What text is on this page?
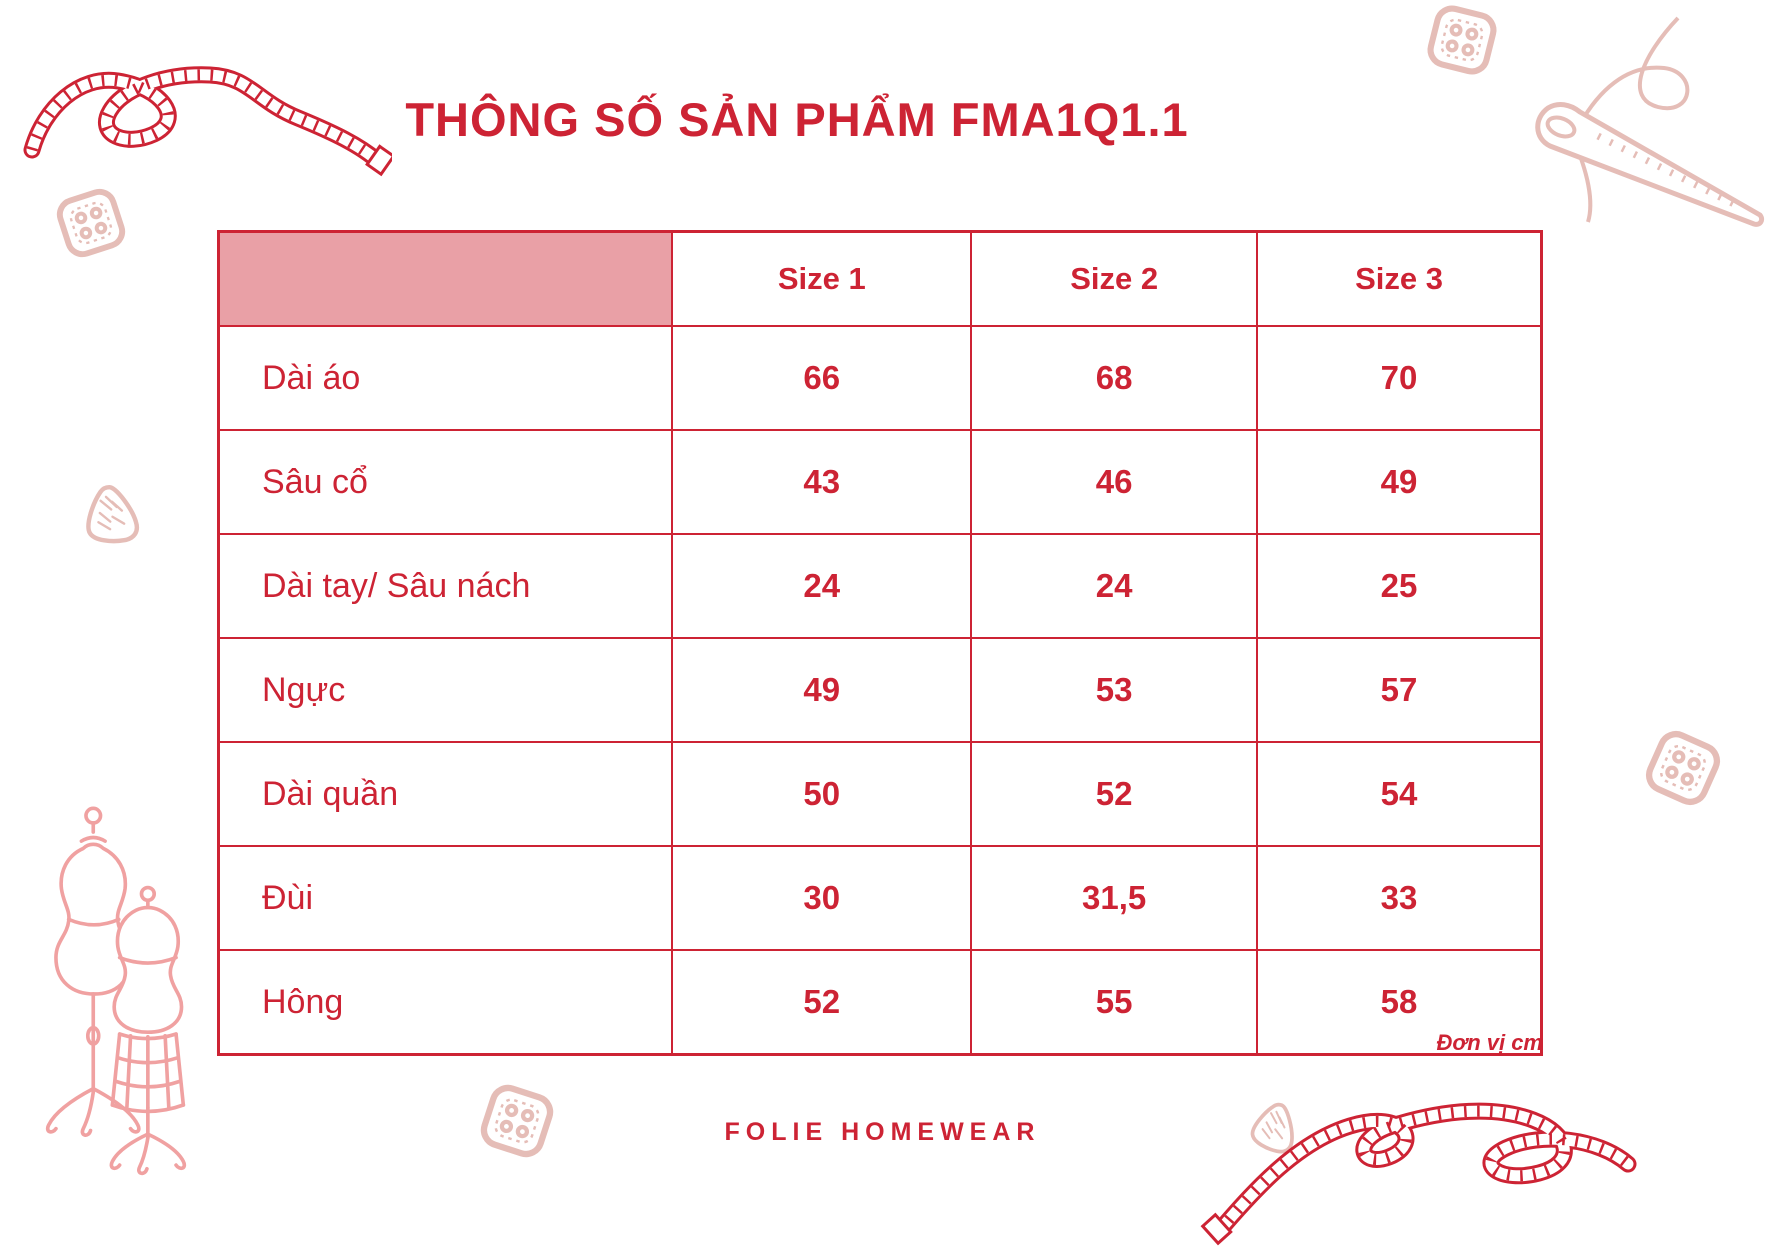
THÔNG SỐ SẢN PHẨM FMA1Q1.1
	Size 1	Size 2	Size 3
Dài áo	66	68	70
Sâu cổ	43	46	49
Dài tay/ Sâu nách	24	24	25
Ngực	49	53	57
Dài quần	50	52	54
Đùi	30	31,5	33
Hông	52	55	58
Đơn vị cm
FOLIE HOMEWEAR
